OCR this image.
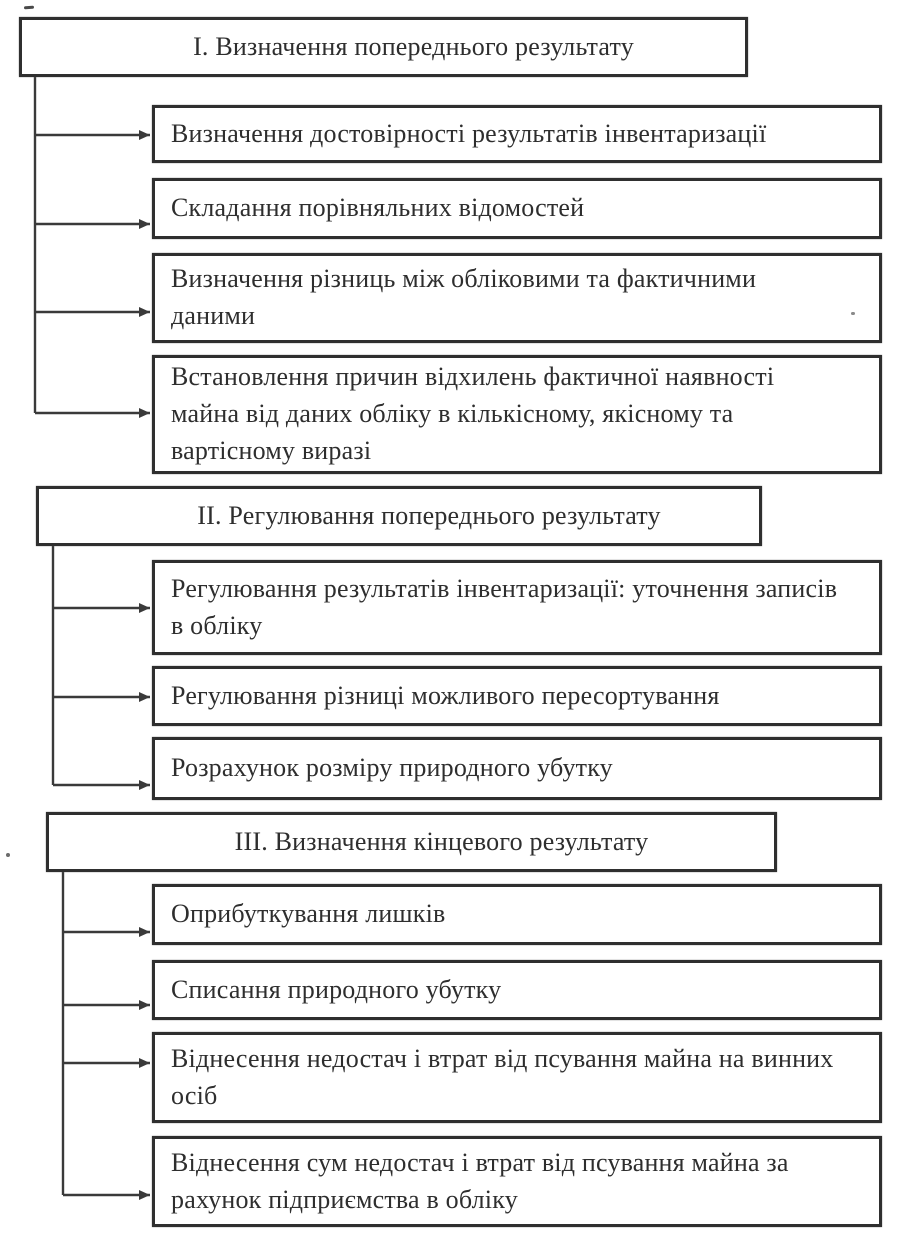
I. Визначення попереднього результату
Визначення достовірності результатів інвентаризації
Складання порівняльних відомостей
Визначення різниць між обліковими та фактичними даними
Встановлення причин відхилень фактичної наявності майна від даних обліку в кількісному, якісному та вартісному виразі
II. Регулювання попереднього результату
Регулювання результатів інвентаризації: уточнення записів в обліку
Регулювання різниці можливого пересортування
Розрахунок розміру природного убутку
III. Визначення кінцевого результату
Оприбуткування лишків
Списання природного убутку
Віднесення недостач і втрат від псування майна на винних осіб
Віднесення сум недостач і втрат від псування майна за рахунок підприємства в обліку
